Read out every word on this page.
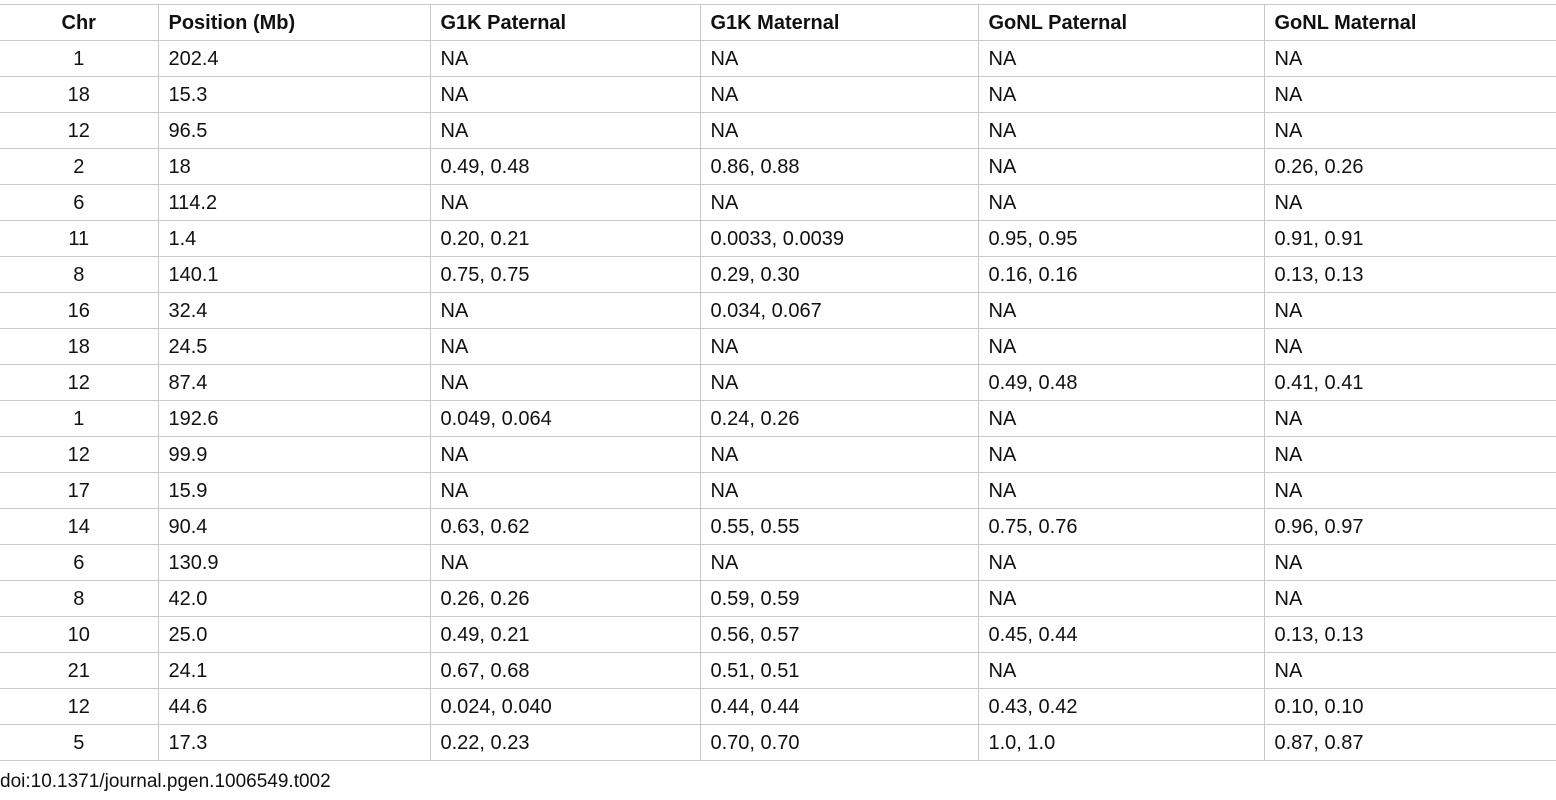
Chr	Position (Mb)	G1K Paternal	G1K Maternal	GoNL Paternal	GoNL Maternal
1	202.4	NA	NA	NA	NA
18	15.3	NA	NA	NA	NA
12	96.5	NA	NA	NA	NA
2	18	0.49, 0.48	0.86, 0.88	NA	0.26, 0.26
6	114.2	NA	NA	NA	NA
11	1.4	0.20, 0.21	0.0033, 0.0039	0.95, 0.95	0.91, 0.91
8	140.1	0.75, 0.75	0.29, 0.30	0.16, 0.16	0.13, 0.13
16	32.4	NA	0.034, 0.067	NA	NA
18	24.5	NA	NA	NA	NA
12	87.4	NA	NA	0.49, 0.48	0.41, 0.41
1	192.6	0.049, 0.064	0.24, 0.26	NA	NA
12	99.9	NA	NA	NA	NA
17	15.9	NA	NA	NA	NA
14	90.4	0.63, 0.62	0.55, 0.55	0.75, 0.76	0.96, 0.97
6	130.9	NA	NA	NA	NA
8	42.0	0.26, 0.26	0.59, 0.59	NA	NA
10	25.0	0.49, 0.21	0.56, 0.57	0.45, 0.44	0.13, 0.13
21	24.1	0.67, 0.68	0.51, 0.51	NA	NA
12	44.6	0.024, 0.040	0.44, 0.44	0.43, 0.42	0.10, 0.10
5	17.3	0.22, 0.23	0.70, 0.70	1.0, 1.0	0.87, 0.87
doi:10.1371/journal.pgen.1006549.t002
